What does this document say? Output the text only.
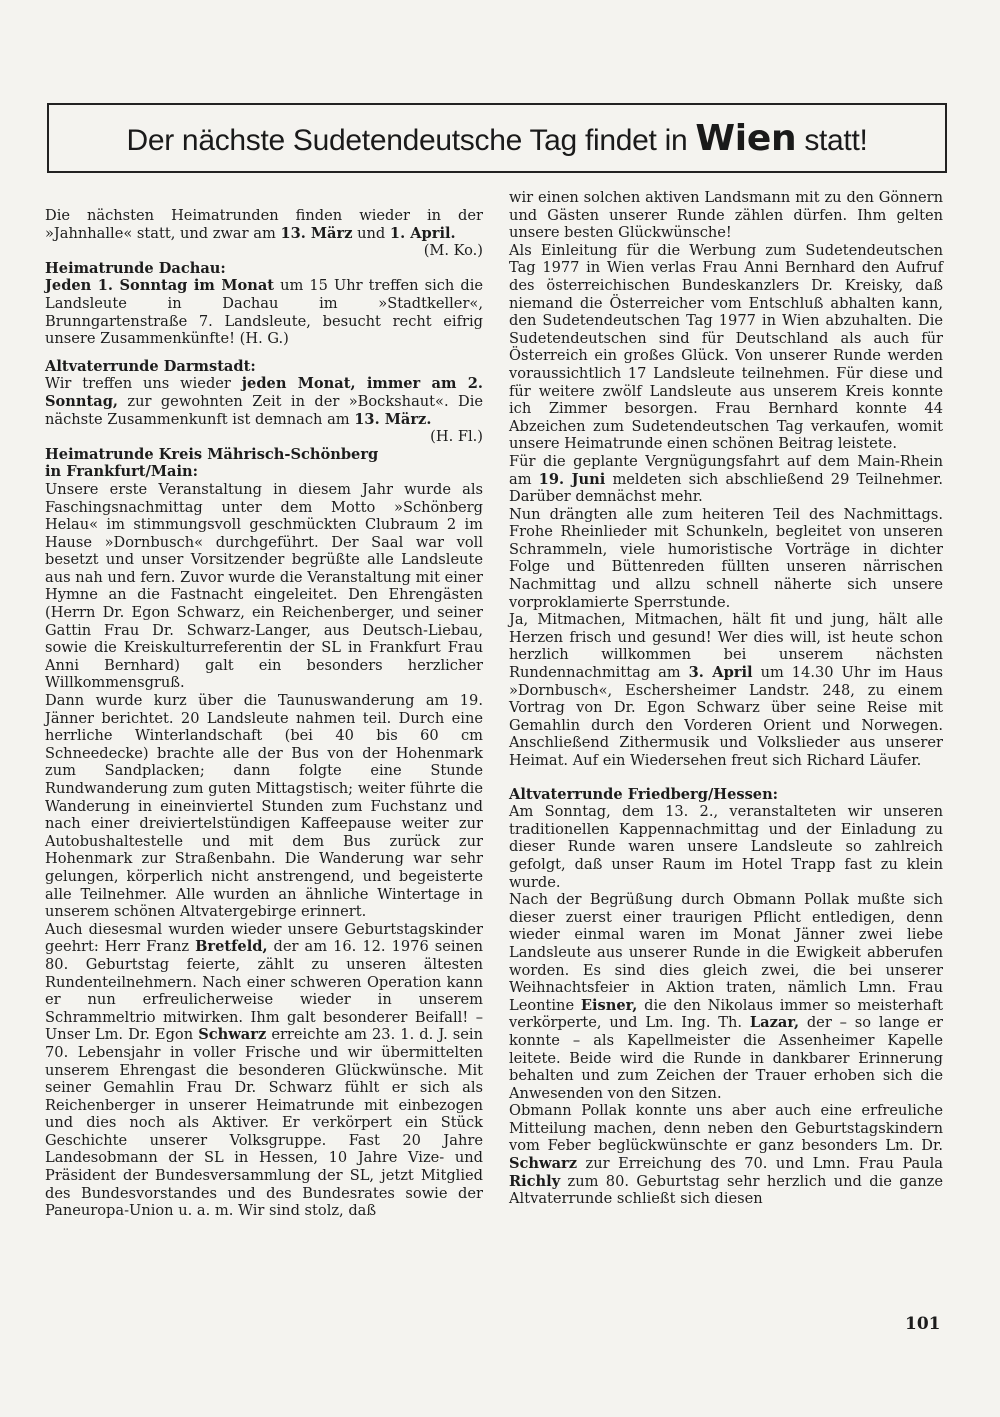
Der nächste Sudetendeutsche Tag findet in Wien statt!

Die nächsten Heimatrunden finden wieder in der »Jahnhalle« statt, und zwar am 13. März und 1. April.

(M. Ko.)

Heimatrunde Dachau:

Jeden 1. Sonntag im Monat um 15 Uhr treffen sich die Landsleute in Dachau im »Stadtkeller«, Brunngartenstraße 7. Landsleute, besucht recht eifrig unsere Zusammenkünfte! (H. G.)

Altvaterrunde Darmstadt:

Wir treffen uns wieder jeden Monat, immer am 2. Sonntag, zur gewohnten Zeit in der »Bockshaut«. Die nächste Zusammenkunft ist demnach am 13. März.

(H. Fl.)

Heimatrunde Kreis Mährisch-Schönberg

in Frankfurt/Main:

Unsere erste Veranstaltung in diesem Jahr wurde als Faschingsnachmittag unter dem Motto »Schönberg Helau« im stimmungsvoll geschmückten Clubraum 2 im Hause »Dornbusch« durchgeführt. Der Saal war voll besetzt und unser Vorsitzender begrüßte alle Landsleute aus nah und fern. Zuvor wurde die Veranstaltung mit einer Hymne an die Fastnacht eingeleitet. Den Ehrengästen (Herrn Dr. Egon Schwarz, ein Reichenberger, und seiner Gattin Frau Dr. Schwarz-Langer, aus Deutsch-Liebau, sowie die Kreiskulturreferentin der SL in Frankfurt Frau Anni Bernhard) galt ein besonders herzlicher Willkommensgruß.

Dann wurde kurz über die Taunuswanderung am 19. Jänner berichtet. 20 Landsleute nahmen teil. Durch eine herrliche Winterlandschaft (bei 40 bis 60 cm Schneedecke) brachte alle der Bus von der Hohenmark zum Sandplacken; dann folgte eine Stunde Rundwanderung zum guten Mittagstisch; weiter führte die Wanderung in eineinviertel Stunden zum Fuchstanz und nach einer dreiviertelstündigen Kaffeepause weiter zur Autobushaltestelle und mit dem Bus zurück zur Hohenmark zur Straßenbahn. Die Wanderung war sehr gelungen, körperlich nicht anstrengend, und begeisterte alle Teilnehmer. Alle wurden an ähnliche Wintertage in unserem schönen Altvatergebirge erinnert.

Auch diesesmal wurden wieder unsere Geburtstagskinder geehrt: Herr Franz Bretfeld, der am 16. 12. 1976 seinen 80. Geburtstag feierte, zählt zu unseren ältesten Rundenteilnehmern. Nach einer schweren Operation kann er nun erfreulicherweise wieder in unserem Schrammeltrio mitwirken. Ihm galt besonderer Beifall! – Unser Lm. Dr. Egon Schwarz erreichte am 23. 1. d. J. sein 70. Lebensjahr in voller Frische und wir übermittelten unserem Ehrengast die besonderen Glückwünsche. Mit seiner Gemahlin Frau Dr. Schwarz fühlt er sich als Reichenberger in unserer Heimatrunde mit einbezogen und dies noch als Aktiver. Er verkörpert ein Stück Geschichte unserer Volksgruppe. Fast 20 Jahre Landesobmann der SL in Hessen, 10 Jahre Vize- und Präsident der Bundesversammlung der SL, jetzt Mitglied des Bundesvorstandes und des Bundesrates sowie der Paneuropa-Union u. a. m. Wir sind stolz, daß

wir einen solchen aktiven Landsmann mit zu den Gönnern und Gästen unserer Runde zählen dürfen. Ihm gelten unsere besten Glückwünsche!

Als Einleitung für die Werbung zum Sudetendeutschen Tag 1977 in Wien verlas Frau Anni Bernhard den Aufruf des österreichischen Bundeskanzlers Dr. Kreisky, daß niemand die Österreicher vom Entschluß abhalten kann, den Sudetendeutschen Tag 1977 in Wien abzuhalten. Die Sudetendeutschen sind für Deutschland als auch für Österreich ein großes Glück. Von unserer Runde werden voraussichtlich 17 Landsleute teilnehmen. Für diese und für weitere zwölf Landsleute aus unserem Kreis konnte ich Zimmer besorgen. Frau Bernhard konnte 44 Abzeichen zum Sudetendeutschen Tag verkaufen, womit unsere Heimatrunde einen schönen Beitrag leistete.

Für die geplante Vergnügungsfahrt auf dem Main-Rhein am 19. Juni meldeten sich abschließend 29 Teilnehmer. Darüber demnächst mehr.

Nun drängten alle zum heiteren Teil des Nachmittags. Frohe Rheinlieder mit Schunkeln, begleitet von unseren Schrammeln, viele humoristische Vorträge in dichter Folge und Büttenreden füllten unseren närrischen Nachmittag und allzu schnell näherte sich unsere vorproklamierte Sperrstunde.

Ja, Mitmachen, Mitmachen, hält fit und jung, hält alle Herzen frisch und gesund! Wer dies will, ist heute schon herzlich willkommen bei unserem nächsten Rundennachmittag am 3. April um 14.30 Uhr im Haus »Dornbusch«, Eschersheimer Landstr. 248, zu einem Vortrag von Dr. Egon Schwarz über seine Reise mit Gemahlin durch den Vorderen Orient und Norwegen. Anschließend Zithermusik und Volkslieder aus unserer Heimat. Auf ein Wiedersehen freut sich Richard Läufer.

Altvaterrunde Friedberg/Hessen:

Am Sonntag, dem 13. 2., veranstalteten wir unseren traditionellen Kappennachmittag und der Einladung zu dieser Runde waren unsere Landsleute so zahlreich gefolgt, daß unser Raum im Hotel Trapp fast zu klein wurde.

Nach der Begrüßung durch Obmann Pollak mußte sich dieser zuerst einer traurigen Pflicht entledigen, denn wieder einmal waren im Monat Jänner zwei liebe Landsleute aus unserer Runde in die Ewigkeit abberufen worden. Es sind dies gleich zwei, die bei unserer Weihnachtsfeier in Aktion traten, nämlich Lmn. Frau Leontine Eisner, die den Nikolaus immer so meisterhaft verkörperte, und Lm. Ing. Th. Lazar, der – so lange er konnte – als Kapellmeister die Assenheimer Kapelle leitete. Beide wird die Runde in dankbarer Erinnerung behalten und zum Zeichen der Trauer erhoben sich die Anwesenden von den Sitzen.

Obmann Pollak konnte uns aber auch eine erfreuliche Mitteilung machen, denn neben den Geburtstagskindern vom Feber beglückwünschte er ganz besonders Lm. Dr. Schwarz zur Erreichung des 70. und Lmn. Frau Paula Richly zum 80. Geburtstag sehr herzlich und die ganze Altvaterrunde schließt sich diesen

101
